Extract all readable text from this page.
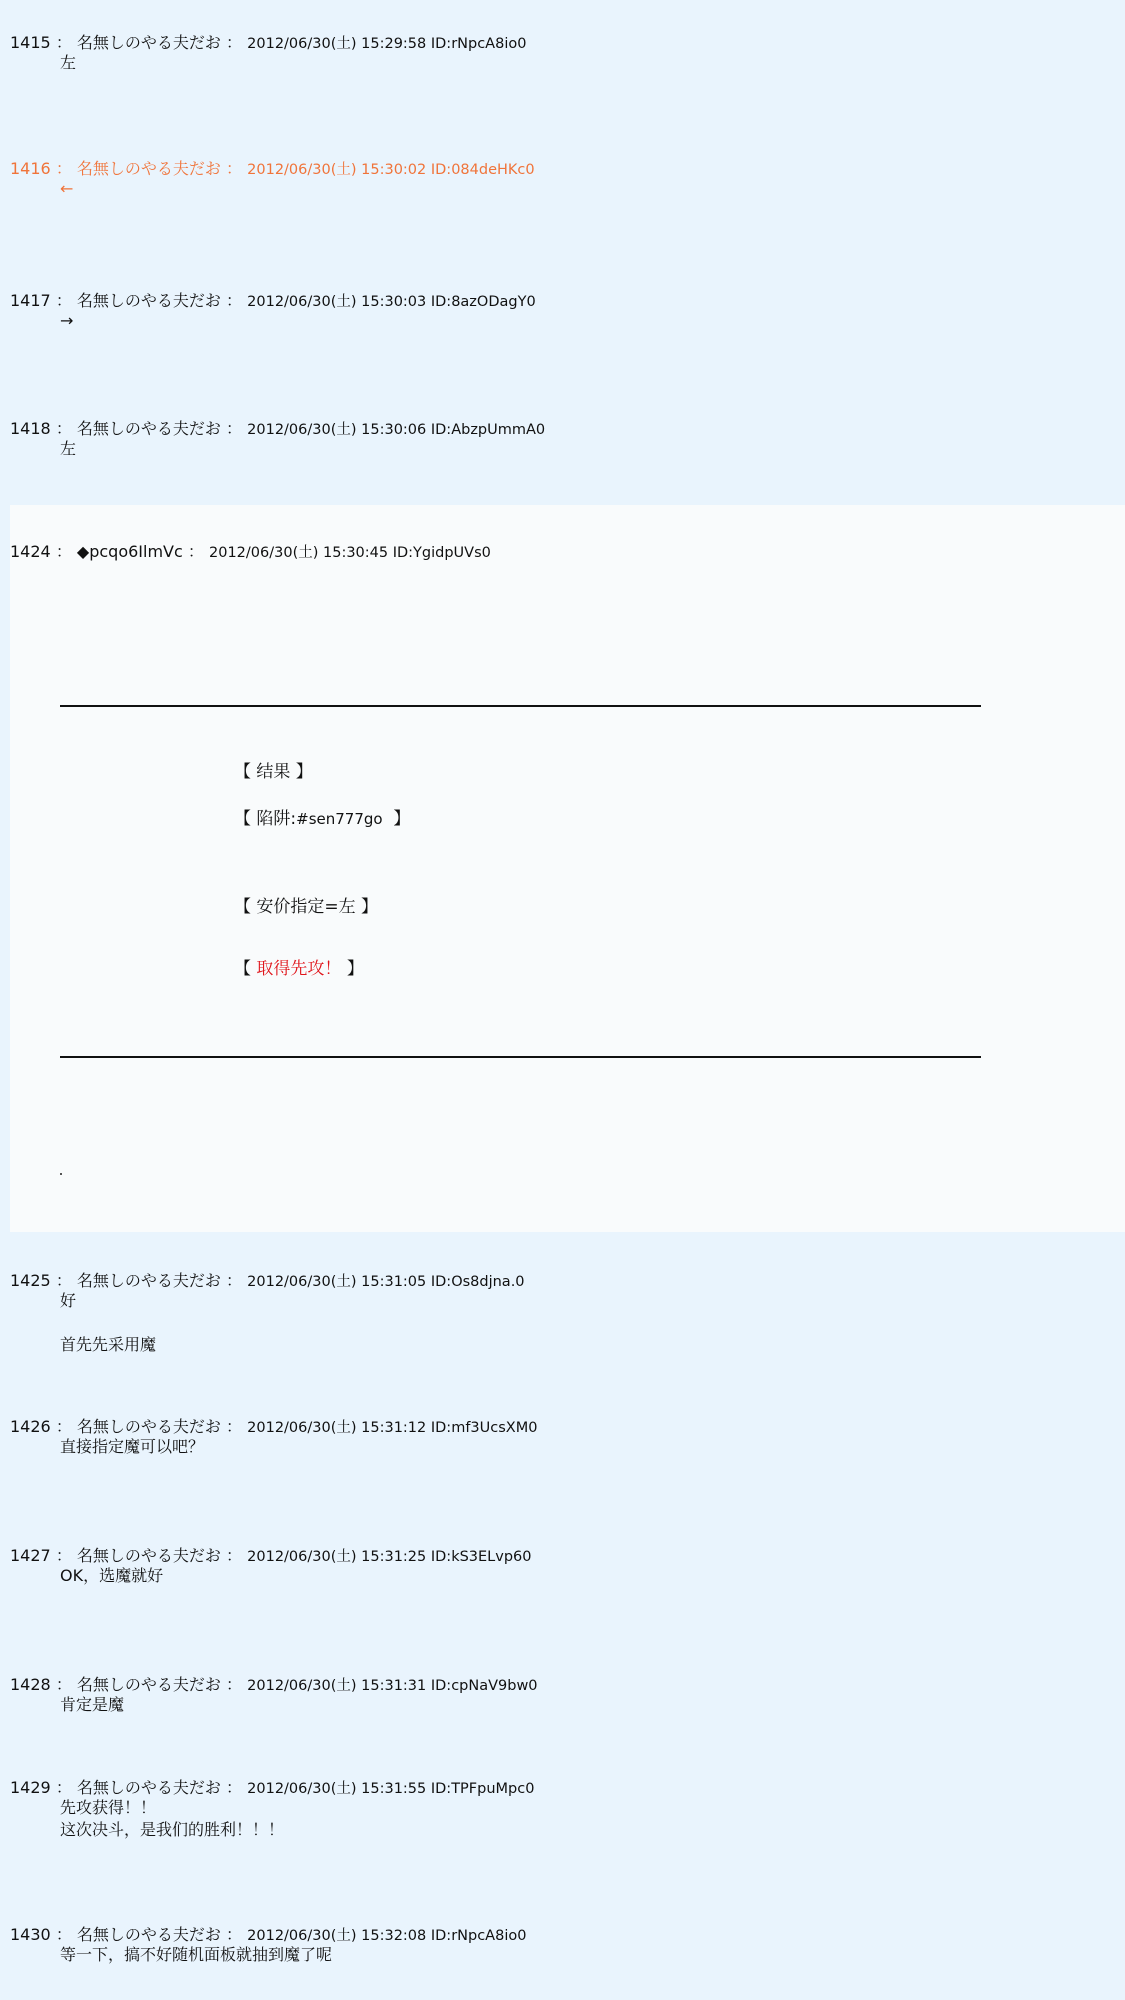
1415 ： 名無しのやる夫だお ： 2012/06/30(土) 15:29:58 ID:rNpcA8io0
左
1416 ： 名無しのやる夫だお ： 2012/06/30(土) 15:30:02 ID:084deHKc0
←
1417 ： 名無しのやる夫だお ： 2012/06/30(土) 15:30:03 ID:8azODagY0
→
1418 ： 名無しのやる夫だお ： 2012/06/30(土) 15:30:06 ID:AbzpUmmA0
左
1424 ： ◆pcqo6IlmVc ： 2012/06/30(土) 15:30:45 ID:YgidpUVs0
【 结果 】
【 陷阱:#sen777go 】
【 安价指定=左 】
【 取得先攻！ 】
1425 ： 名無しのやる夫だお ： 2012/06/30(土) 15:31:05 ID:Os8djna.0
好
首先先采用魔
1426 ： 名無しのやる夫だお ： 2012/06/30(土) 15:31:12 ID:mf3UcsXM0
直接指定魔可以吧？
1427 ： 名無しのやる夫だお ： 2012/06/30(土) 15:31:25 ID:kS3ELvp60
OK，选魔就好
1428 ： 名無しのやる夫だお ： 2012/06/30(土) 15:31:31 ID:cpNaV9bw0
肯定是魔
1429 ： 名無しのやる夫だお ： 2012/06/30(土) 15:31:55 ID:TPFpuMpc0
先攻获得！！
这次决斗，是我们的胜利！！！
1430 ： 名無しのやる夫だお ： 2012/06/30(土) 15:32:08 ID:rNpcA8io0
等一下，搞不好随机面板就抽到魔了呢
